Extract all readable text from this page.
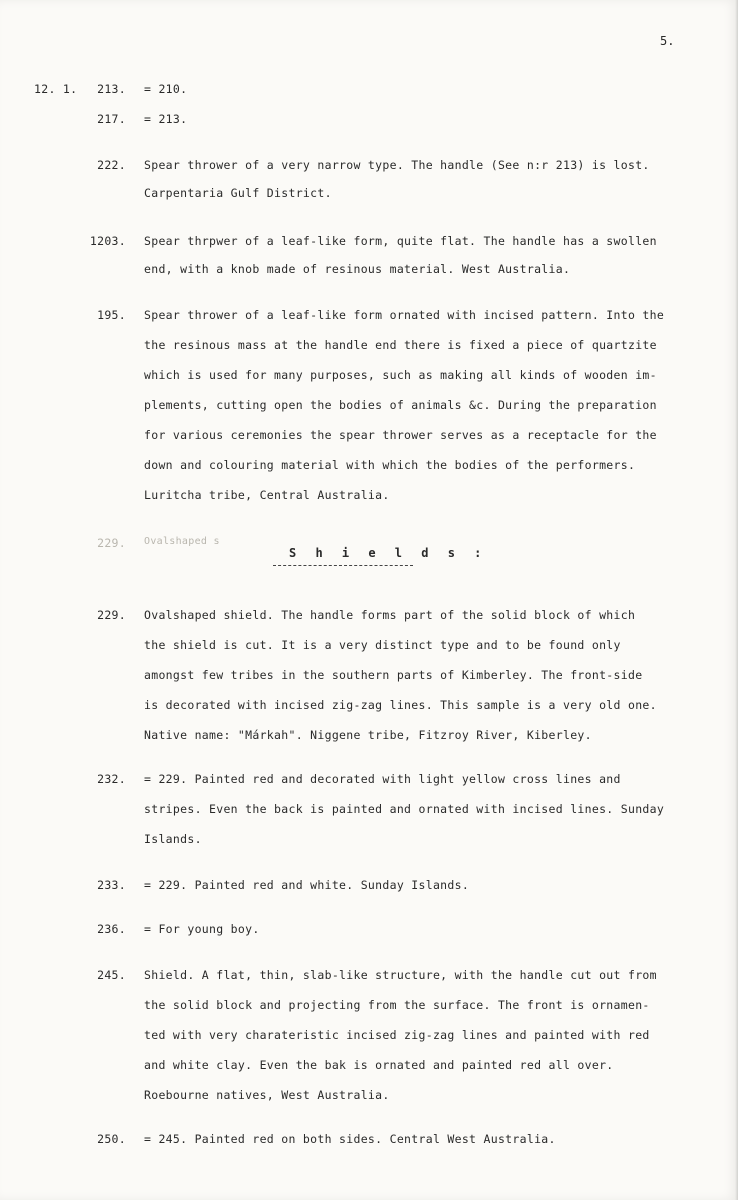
5.
12. 1.	213. = 210.
217. = 213.
222. Spear thrower of a very narrow type. The handle (See n:r 213) is lost.
Carpentaria Gulf District.
1203. Spear thrpwer of a leaf-like form, quite flat. The handle has a swollen
end, with a knob made of resinous material. West Australia.
195. Spear thrower of a leaf-like form ornated with incised pattern. Into the
the resinous mass at the handle end there is fixed a piece of quartzite
which is used for many purposes, such as making all kinds of wooden im-
plements, cutting open the bodies of animals &c. During the preparation
for various ceremonies the spear thrower serves as a receptacle for the
down and colouring material with which the bodies of the performers.
Luritcha tribe, Central Australia.
229. Ovalshaped s
S h i e l d s :
229. Ovalshaped shield. The handle forms part of the solid block of which
the shield is cut. It is a very distinct type and to be found only
amongst few tribes in the southern parts of Kimberley. The front-side
is decorated with incised zig-zag lines. This sample is a very old one.
Native name: "Márkah". Niggene tribe, Fitzroy River, Kiberley.
232. = 229. Painted red and decorated with light yellow cross lines and
stripes. Even the back is painted and ornated with incised lines. Sunday
Islands.
233. = 229. Painted red and white. Sunday Islands.
236. = For young boy.
245. Shield. A flat, thin, slab-like structure, with the handle cut out from
the solid block and projecting from the surface. The front is ornamen-
ted with very charateristic incised zig-zag lines and painted with red
and white clay. Even the bak is ornated and painted red all over.
Roebourne natives, West Australia.
250. = 245. Painted red on both sides. Central West Australia.
